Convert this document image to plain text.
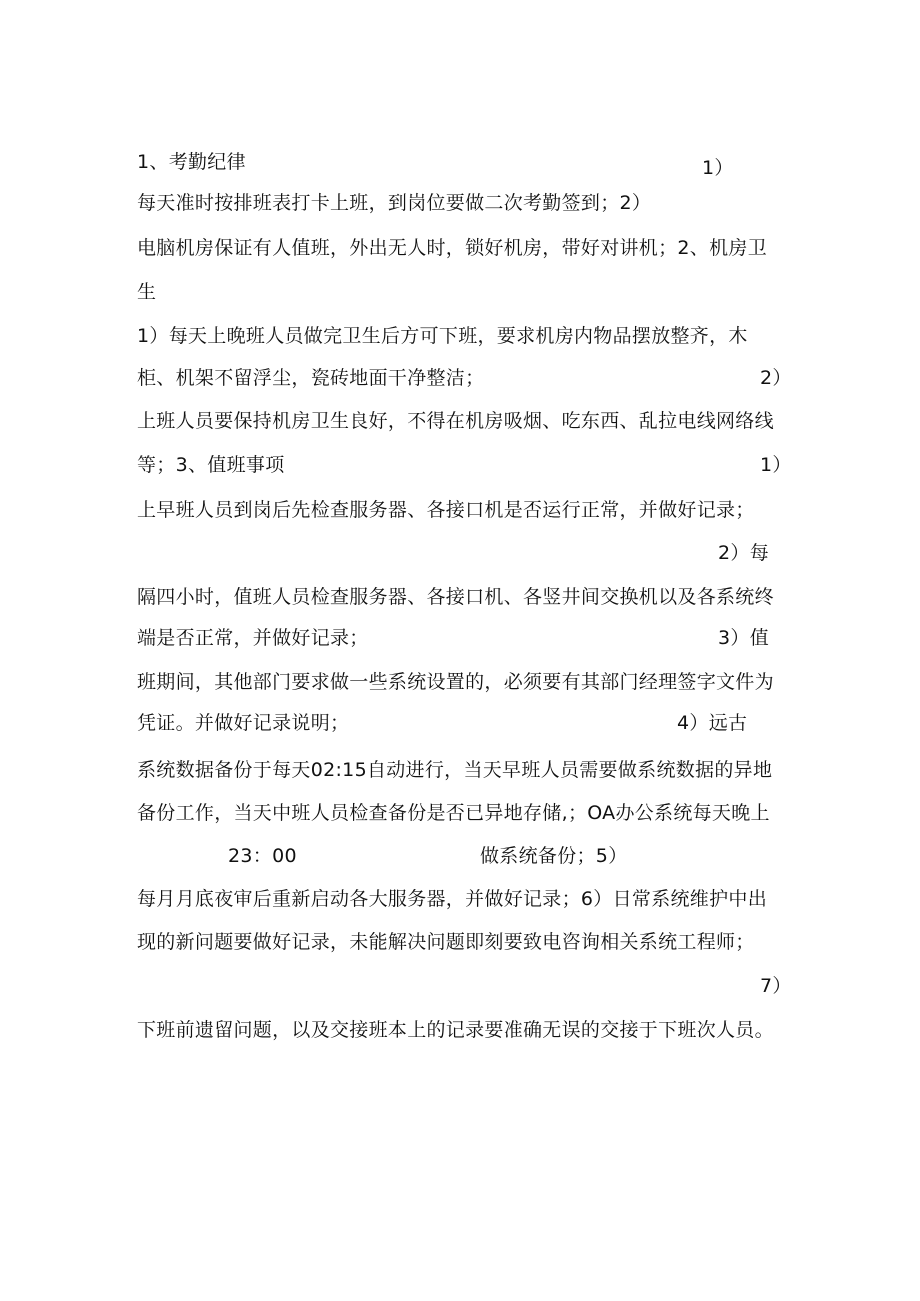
1、考勤纪律	1）
每天准时按排班表打卡上班，到岗位要做二次考勤签到；2）
电脑机房保证有人值班，外出无人时，锁好机房，带好对讲机；2、机房卫
生
1）每天上晚班人员做完卫生后方可下班，要求机房内物品摆放整齐，木
柜、机架不留浮尘，瓷砖地面干净整洁；	2）
上班人员要保持机房卫生良好，不得在机房吸烟、吃东西、乱拉电线网络线
等；3、值班事项	1）
上早班人员到岗后先检查服务器、各接口机是否运行正常，并做好记录；
2）每
隔四小时，值班人员检查服务器、各接口机、各竖井间交换机以及各系统终
端是否正常，并做好记录；	3）值
班期间，其他部门要求做一些系统设置的，必须要有其部门经理签字文件为
凭证。并做好记录说明；	4）远古
系统数据备份于每天02:15自动进行，当天早班人员需要做系统数据的异地
备份工作，当天中班人员检查备份是否已异地存储,；OA办公系统每天晚上
23：00	做系统备份；5）
每月月底夜审后重新启动各大服务器，并做好记录；6）日常系统维护中出
现的新问题要做好记录，未能解决问题即刻要致电咨询相关系统工程师；
7）
下班前遗留问题，以及交接班本上的记录要准确无误的交接于下班次人员。
